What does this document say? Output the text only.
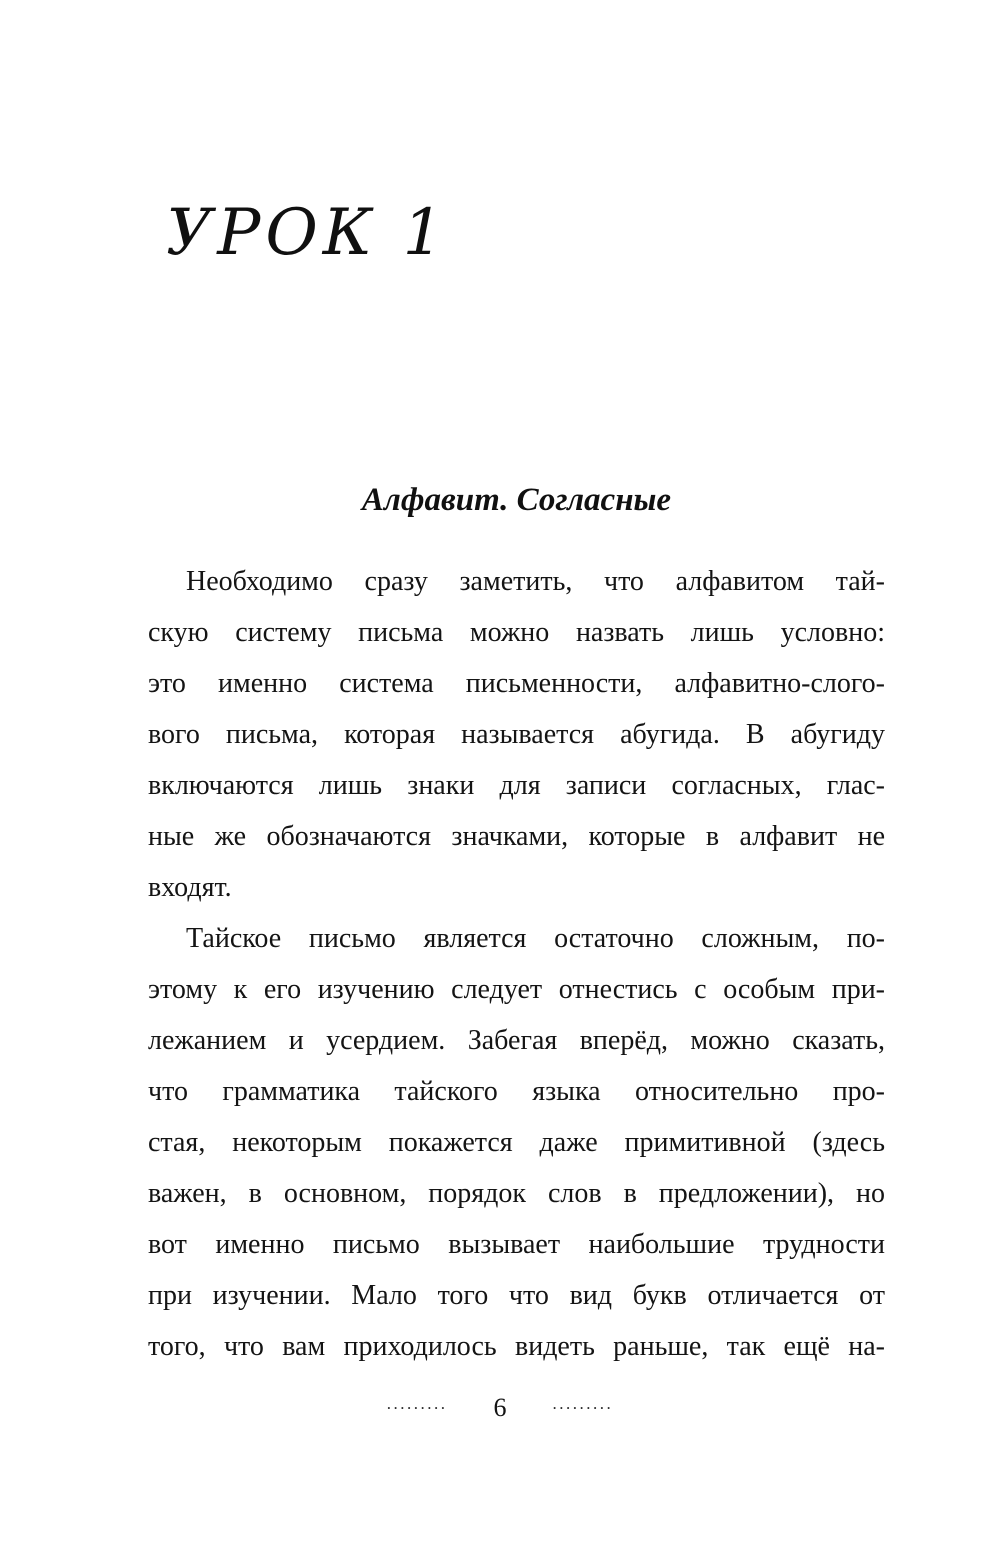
УРОК 1
Алфавит. Согласные
Необходимо сразу заметить, что алфавитом тай-
скую систему письма можно назвать лишь условно:
это именно система письменности, алфавитно-слого-
вого письма, которая называется абугида. В абугиду
включаются лишь знаки для записи согласных, глас-
ные же обозначаются значками, которые в алфавит не
входят.
Тайское письмо является остаточно сложным, по-
этому к его изучению следует отнестись с особым при-
лежанием и усердием. Забегая вперёд, можно сказать,
что грамматика тайского языка относительно про-
стая, некоторым покажется даже примитивной (здесь
важен, в основном, порядок слов в предложении), но
вот именно письмо вызывает наибольшие трудности
при изучении. Мало того что вид букв отличается от
того, что вам приходилось видеть раньше, так ещё на-
......... 6	.........
